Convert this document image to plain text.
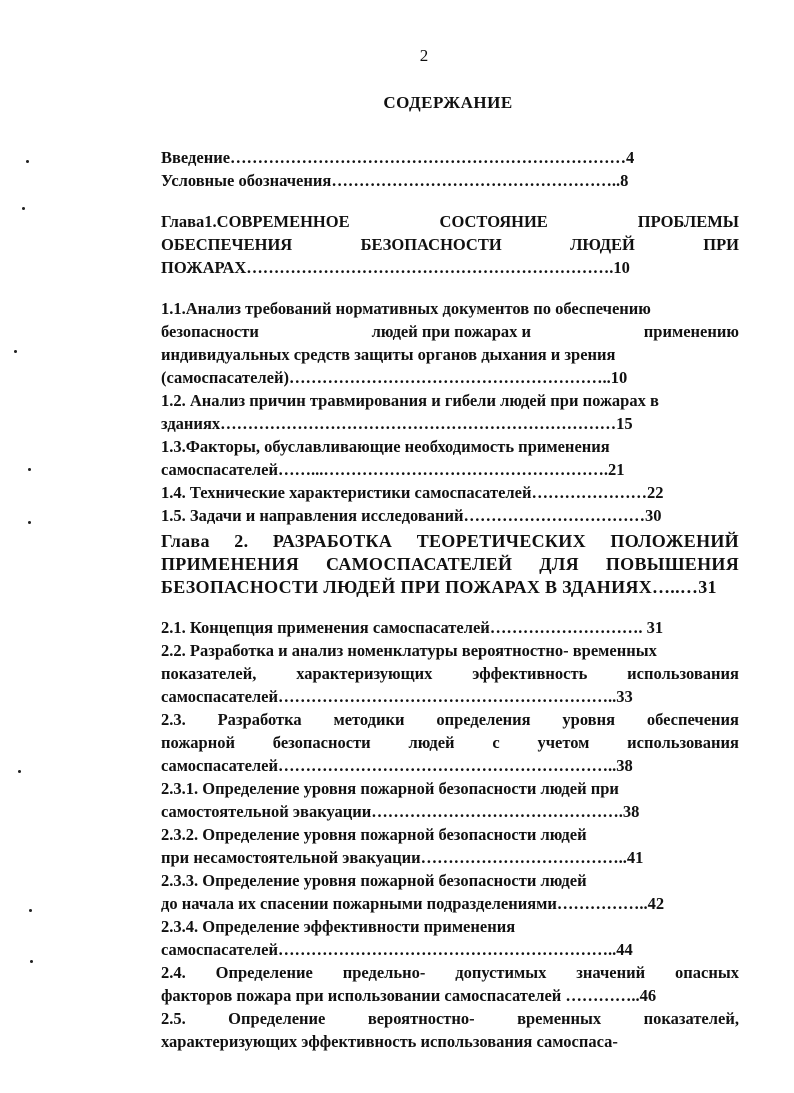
2
СОДЕРЖАНИЕ
Введение………………………………………………………………4
Условные обозначения……………………………………………..8
Глава1.СОВРЕМЕННОЕ	СОСТОЯНИЕ	ПРОБЛЕМЫ
ОБЕСПЕЧЕНИЯ	БЕЗОПАСНОСТИ	ЛЮДЕЙ	ПРИ
ПОЖАРАХ………………………………………………………….10
1.1.Анализ требований нормативных документов по обеспечению
безопасности	людей при пожарах и	применению
индивидуальных средств защиты органов дыхания и зрения
(самоспасателей)…………………………………………………..10
1.2. Анализ причин травмирования и гибели людей при пожарах в
зданиях………………………………………………………………15
1.3.Факторы, обуславливающие необходимость применения
самоспасателей……...…………………………………………….21
1.4. Технические характеристики самоспасателей…………………22
1.5. Задачи и направления исследований……………………………30
Глава 2. РАЗРАБОТКА ТЕОРЕТИЧЕСКИХ ПОЛОЖЕНИЙ
ПРИМЕНЕНИЯ САМОСПАСАТЕЛЕЙ ДЛЯ ПОВЫШЕНИЯ
БЕЗОПАСНОСТИ ЛЮДЕЙ ПРИ ПОЖАРАХ В ЗДАНИЯХ…..…31
2.1. Концепция применения самоспасателей………………………. 31
2.2. Разработка и анализ номенклатуры вероятностно- временных
показателей, характеризующих эффективность использования
самоспасателей……………………………………………………..33
2.3. Разработка методики определения уровня обеспечения
пожарной безопасности людей с учетом использования
самоспасателей……………………………………………………..38
2.3.1. Определение уровня пожарной безопасности людей при
самостоятельной эвакуации……………………………………….38
2.3.2. Определение уровня пожарной безопасности людей
при несамостоятельной эвакуации………………………………..41
2.3.3. Определение уровня пожарной безопасности людей
до начала их спасении пожарными подразделениями……………..42
2.3.4. Определение эффективности применения
самоспасателей……………………………………………………..44
2.4. Определение предельно- допустимых значений опасных
факторов пожара при использовании самоспасателей …………..46
2.5.	Определение	вероятностно-	временных	показателей,
характеризующих эффективность использования самоспаса-
